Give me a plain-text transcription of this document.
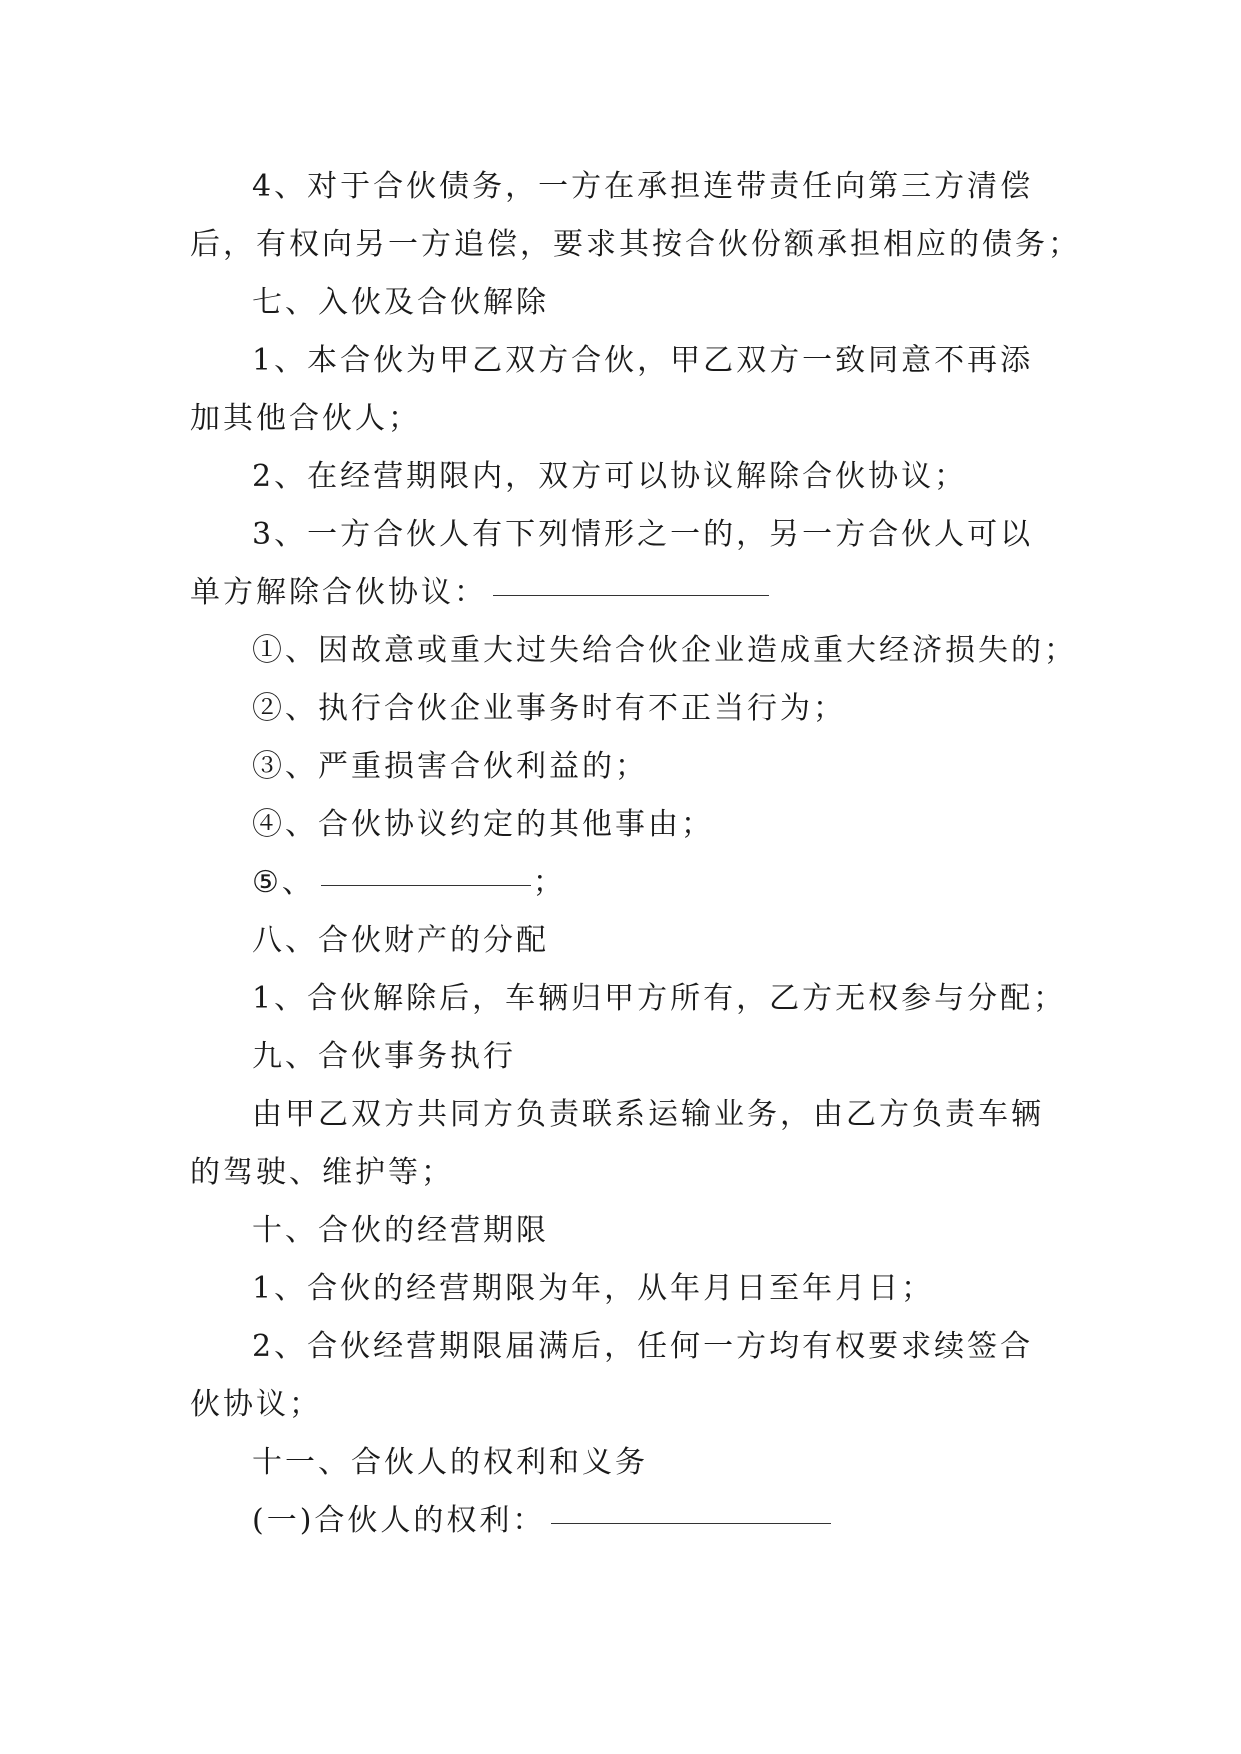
4、对于合伙债务，一方在承担连带责任向第三方清偿
后，有权向另一方追偿，要求其按合伙份额承担相应的债务；
七、入伙及合伙解除
1、本合伙为甲乙双方合伙，甲乙双方一致同意不再添
加其他合伙人；
2、在经营期限内，双方可以协议解除合伙协议；
3、一方合伙人有下列情形之一的，另一方合伙人可以
单方解除合伙协议：
①、因故意或重大过失给合伙企业造成重大经济损失的；
②、执行合伙企业事务时有不正当行为；
③、严重损害合伙利益的；
④、合伙协议约定的其他事由；
⑤、	；
八、合伙财产的分配
1、合伙解除后，车辆归甲方所有，乙方无权参与分配；
九、合伙事务执行
由甲乙双方共同方负责联系运输业务，由乙方负责车辆
的驾驶、维护等；
十、合伙的经营期限
1、合伙的经营期限为年，从年月日至年月日；
2、合伙经营期限届满后，任何一方均有权要求续签合
伙协议；
十一、合伙人的权利和义务
(一)合伙人的权利：
